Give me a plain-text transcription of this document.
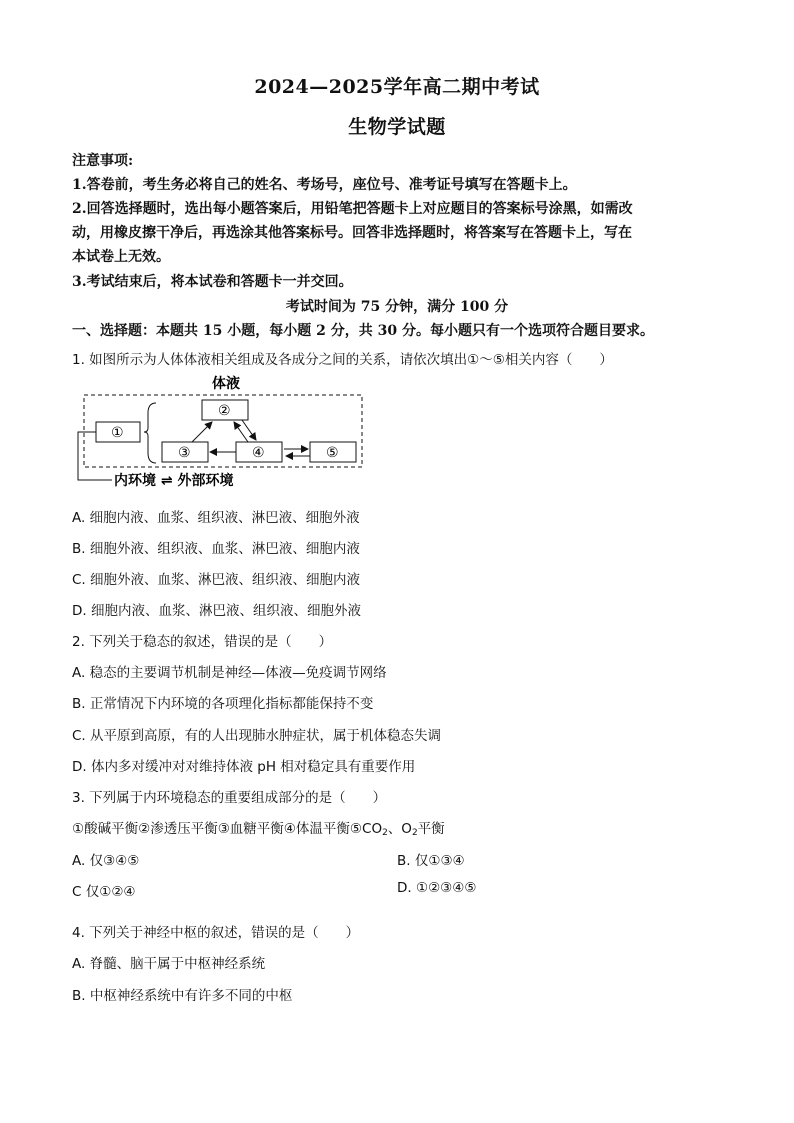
2024—2025学年高二期中考试
生物学试题
注意事项:
1.答卷前，考生务必将自己的姓名、考场号，座位号、准考证号填写在答题卡上。
2.回答选择题时，选出每小题答案后，用铅笔把答题卡上对应题目的答案标号涂黑，如需改
动，用橡皮擦干净后，再选涂其他答案标号。回答非选择题时，将答案写在答题卡上，写在
本试卷上无效。
3.考试结束后，将本试卷和答题卡一并交回。
考试时间为 75 分钟，满分 100 分
一、选择题：本题共 15 小题，每小题 2 分，共 30 分。每小题只有一个选项符合题目要求。
1. 如图所示为人体体液相关组成及各成分之间的关系，请依次填出①～⑤相关内容（　　）
体液
①
②
③	④	⑤
内环境 ⇌ 外部环境
A. 细胞内液、血浆、组织液、淋巴液、细胞外液
B. 细胞外液、组织液、血浆、淋巴液、细胞内液
C. 细胞外液、血浆、淋巴液、组织液、细胞内液
D. 细胞内液、血浆、淋巴液、组织液、细胞外液
2. 下列关于稳态的叙述，错误的是（　　）
A. 稳态的主要调节机制是神经—体液—免疫调节网络
B. 正常情况下内环境的各项理化指标都能保持不变
C. 从平原到高原，有的人出现肺水肿症状，属于机体稳态失调
D. 体内多对缓冲对对维持体液 pH 相对稳定具有重要作用
3. 下列属于内环境稳态的重要组成部分的是（　　）
①酸碱平衡②渗透压平衡③血糖平衡④体温平衡$⑤CO_2$、$O_2$平衡
A. 仅③④⑤	B. 仅①③④
C 仅①②④	D. ①②③④⑤
4. 下列关于神经中枢的叙述，错误的是（　　）
A. 脊髓、脑干属于中枢神经系统
B. 中枢神经系统中有许多不同的中枢
